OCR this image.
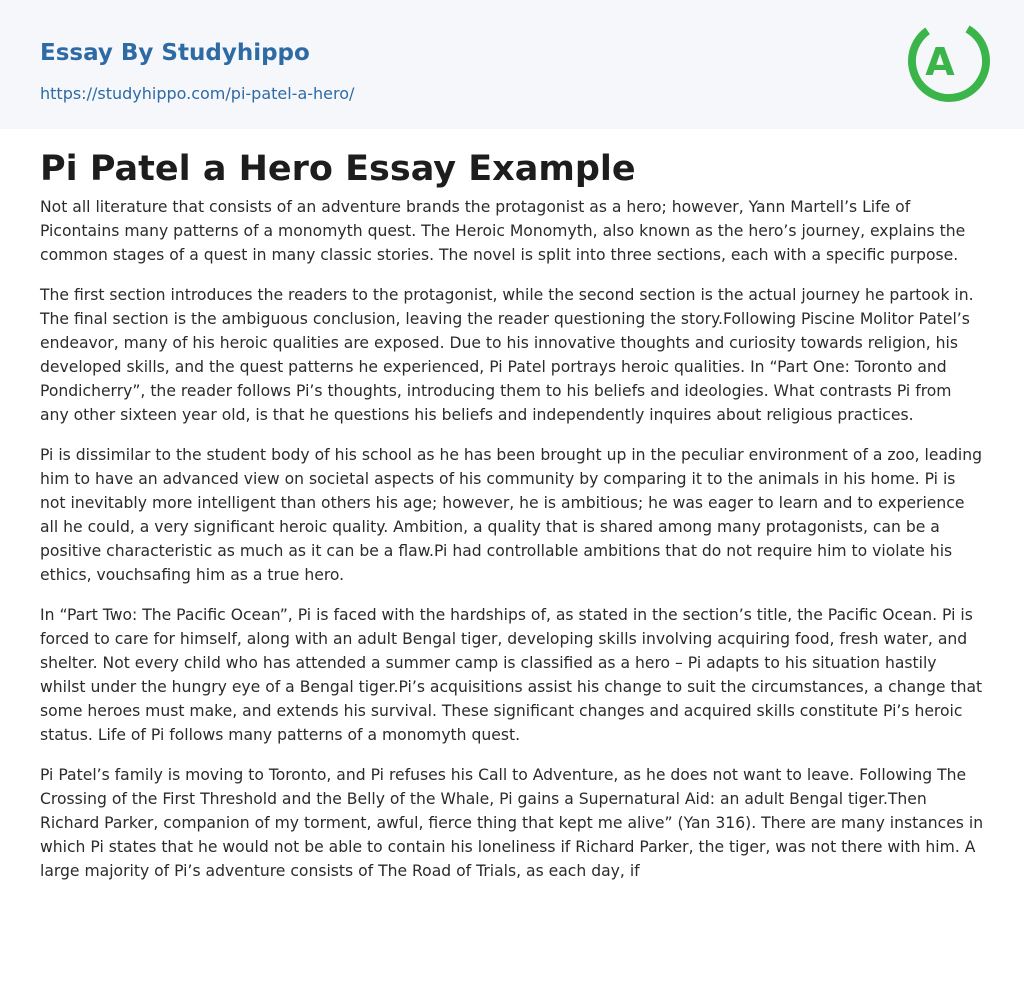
Essay By Studyhippo
https://studyhippo.com/pi-patel-a-hero/
A
Pi Patel a Hero Essay Example

Not all literature that consists of an adventure brands the protagonist as a hero; however, Yann Martell’s Life of Picontains many patterns of a monomyth quest. The Heroic Monomyth, also known as the hero’s journey, explains the common stages of a quest in many classic stories. The novel is split into three sections, each with a specific purpose.

The first section introduces the readers to the protagonist, while the second section is the actual journey he partook in. The final section is the ambiguous conclusion, leaving the reader questioning the story.Following Piscine Molitor Patel’s endeavor, many of his heroic qualities are exposed. Due to his innovative thoughts and curiosity towards religion, his developed skills, and the quest patterns he experienced, Pi Patel portrays heroic qualities. In “Part One: Toronto and Pondicherry”, the reader follows Pi’s thoughts, introducing them to his beliefs and ideologies. What contrasts Pi from any other sixteen year old, is that he questions his beliefs and independently inquires about religious practices.

Pi is dissimilar to the student body of his school as he has been brought up in the peculiar environment of a zoo, leading him to have an advanced view on societal aspects of his community by comparing it to the animals in his home. Pi is not inevitably more intelligent than others his age; however, he is ambitious; he was eager to learn and to experience all he could, a very significant heroic quality. Ambition, a quality that is shared among many protagonists, can be a positive characteristic as much as it can be a flaw.Pi had controllable ambitions that do not require him to violate his ethics, vouchsafing him as a true hero.

In “Part Two: The Pacific Ocean”, Pi is faced with the hardships of, as stated in the section’s title, the Pacific Ocean. Pi is forced to care for himself, along with an adult Bengal tiger, developing skills involving acquiring food, fresh water, and shelter. Not every child who has attended a summer camp is classified as a hero – Pi adapts to his situation hastily whilst under the hungry eye of a Bengal tiger.Pi’s acquisitions assist his change to suit the circumstances, a change that some heroes must make, and extends his survival. These significant changes and acquired skills constitute Pi’s heroic status. Life of Pi follows many patterns of a monomyth quest.

Pi Patel’s family is moving to Toronto, and Pi refuses his Call to Adventure, as he does not want to leave. Following The Crossing of the First Threshold and the Belly of the Whale, Pi gains a Supernatural Aid: an adult Bengal tiger.Then Richard Parker, companion of my torment, awful, fierce thing that kept me alive” (Yan 316). There are many instances in which Pi states that he would not be able to contain his loneliness if Richard Parker, the tiger, was not there with him. A large majority of Pi’s adventure consists of The Road of Trials, as each day, if
